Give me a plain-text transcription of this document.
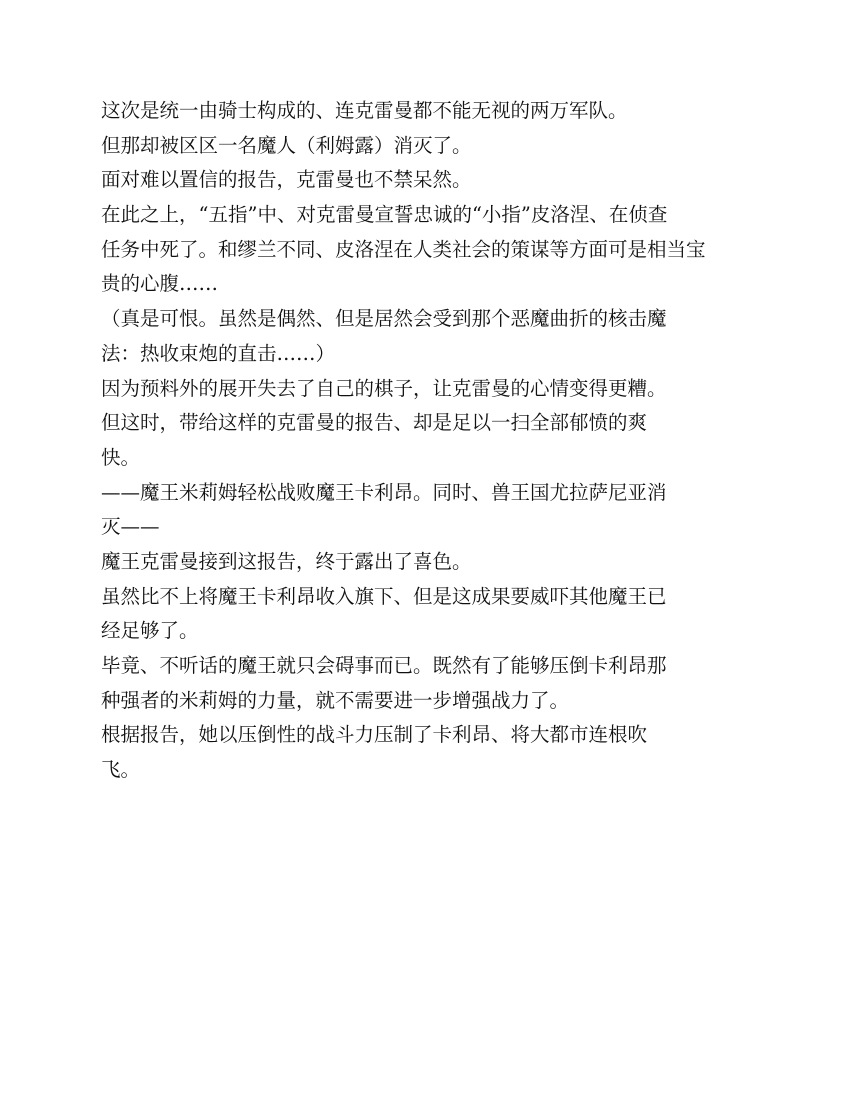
这次是统一由骑士构成的、连克雷曼都不能无视的两万军队。
但那却被区区一名魔人（利姆露）消灭了。
面对难以置信的报告，克雷曼也不禁呆然。
在此之上，“五指”中、对克雷曼宣誓忠诚的“小指”皮洛涅、在侦查
任务中死了。和缪兰不同、皮洛涅在人类社会的策谋等方面可是相当宝
贵的心腹……
（真是可恨。虽然是偶然、但是居然会受到那个恶魔曲折的核击魔
法：热收束炮的直击……）
因为预料外的展开失去了自己的棋子，让克雷曼的心情变得更糟。
但这时，带给这样的克雷曼的报告、却是足以一扫全部郁愤的爽
快。
——魔王米莉姆轻松战败魔王卡利昂。同时、兽王国尤拉萨尼亚消
灭——
魔王克雷曼接到这报告，终于露出了喜色。
虽然比不上将魔王卡利昂收入旗下、但是这成果要威吓其他魔王已
经足够了。
毕竟、不听话的魔王就只会碍事而已。既然有了能够压倒卡利昂那
种强者的米莉姆的力量，就不需要进一步增强战力了。
根据报告，她以压倒性的战斗力压制了卡利昂、将大都市连根吹
飞。
